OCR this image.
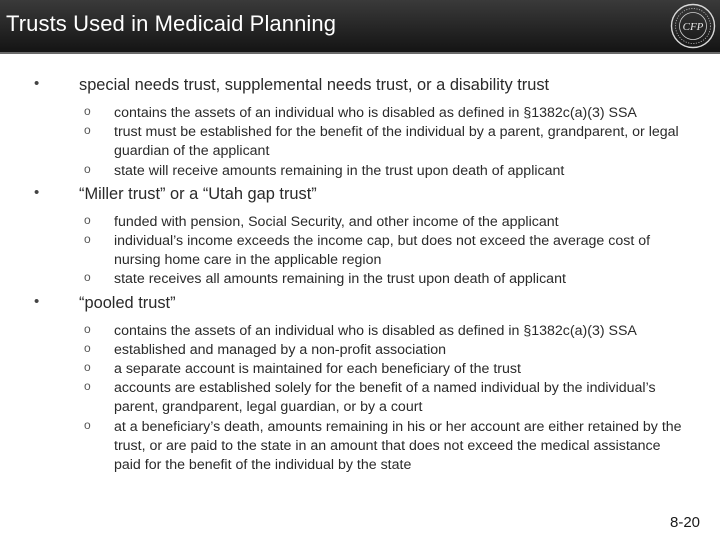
Trusts Used in Medicaid Planning	CFP
• special needs trust, supplemental needs trust, or a disability trust
o contains the assets of an individual who is disabled as defined in §1382c(a)(3) SSA
o trust must be established for the benefit of the individual by a parent, grandparent, or legal guardian of the applicant
o state will receive amounts remaining in the trust upon death of applicant
• “Miller trust” or a “Utah gap trust”
o funded with pension, Social Security, and other income of the applicant
o individual’s income exceeds the income cap, but does not exceed the average cost of nursing home care in the applicable region
o state receives all amounts remaining in the trust upon death of applicant
• “pooled trust”
o contains the assets of an individual who is disabled as defined in §1382c(a)(3) SSA
o established and managed by a non-profit association
o a separate account is maintained for each beneficiary of the trust
o accounts are established solely for the benefit of a named individual by the individual’s parent, grandparent, legal guardian, or by a court
o at a beneficiary’s death, amounts remaining in his or her account are either retained by the trust, or are paid to the state in an amount that does not exceed the medical assistance paid for the benefit of the individual by the state
8-20
